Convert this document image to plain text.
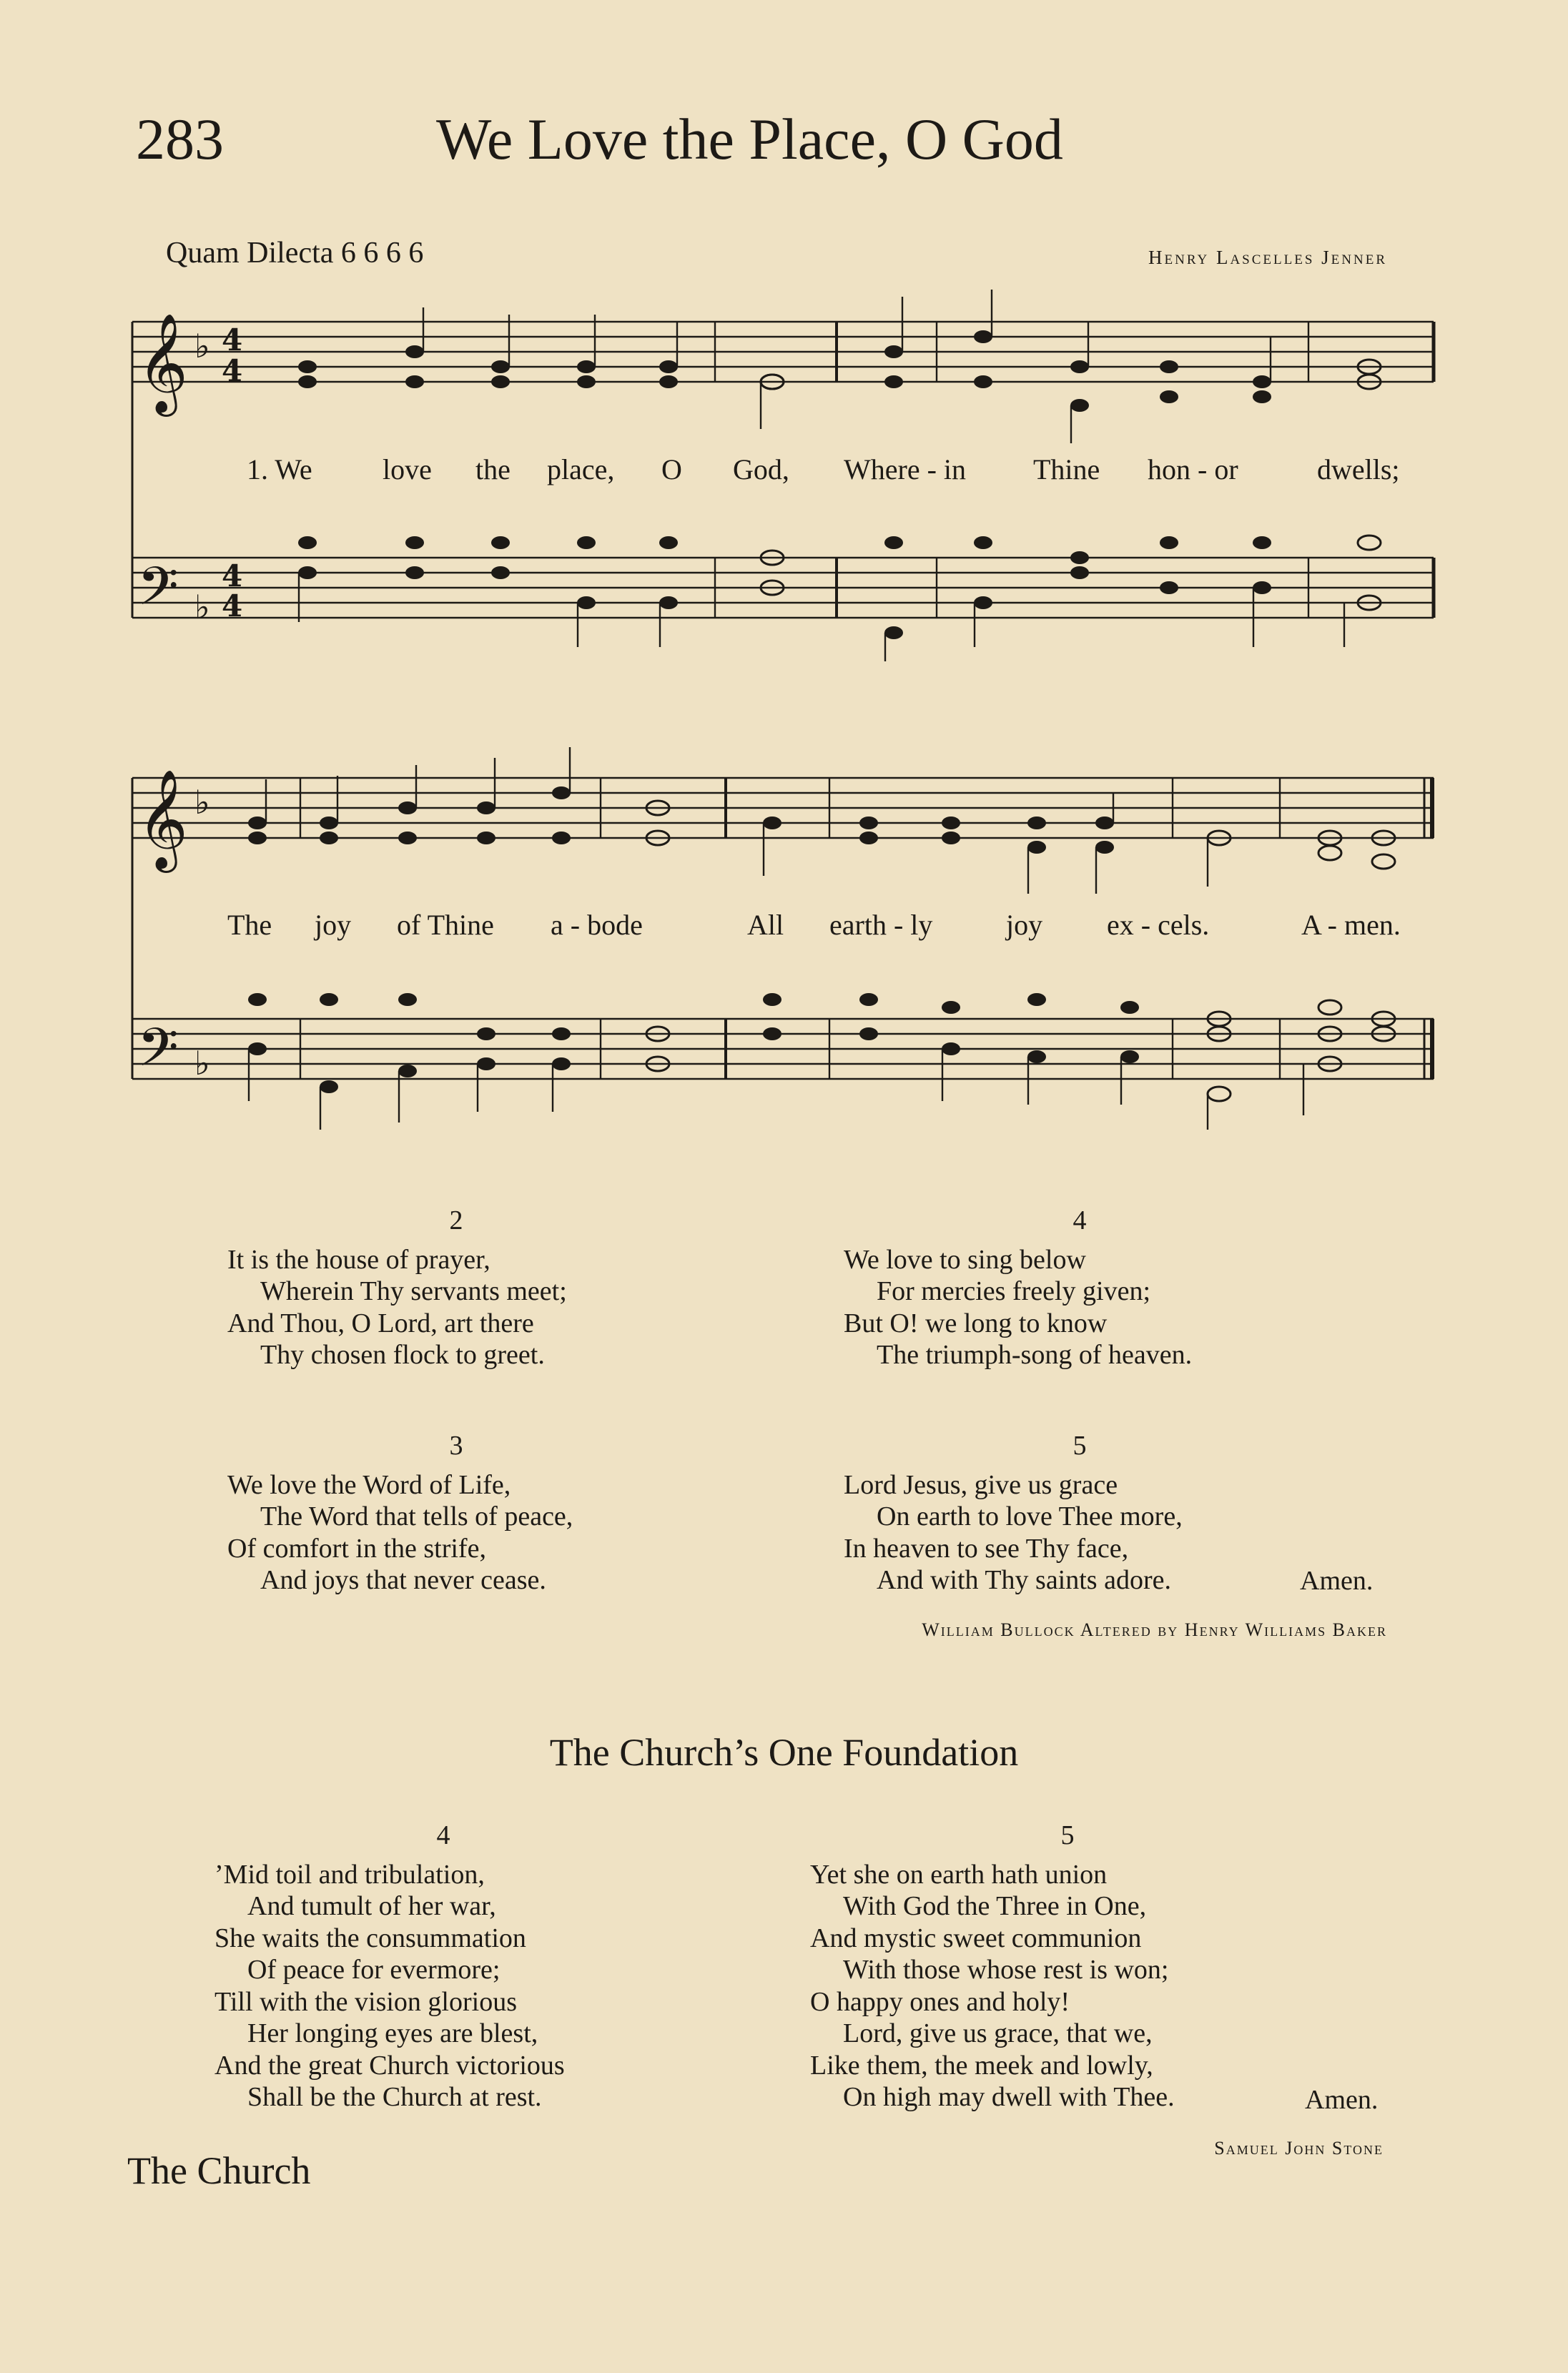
283	We Love the Place, O God
Quam Dilecta 6 6 6 6	Henry Lascelles Jenner
𝄞
𝄢
𝄞
𝄢
♭
♭
♭
♭
4
4
4
4
1. We love the place, O God, Where - in Thine hon - or	dwells;
The joy of Thine a - bode	All earth - ly	joy ex - cels.	A - men.
2
It is the house of prayer,
Wherein Thy servants meet;
And Thou, O Lord, art there
Thy chosen flock to greet.
3
We love the Word of Life,
The Word that tells of peace,
Of comfort in the strife,
And joys that never cease.
4
We love to sing below
For mercies freely given;
But O! we long to know
The triumph-song of heaven.
5
Lord Jesus, give us grace
On earth to love Thee more,
In heaven to see Thy face,
And with Thy saints adore.	Amen.
William Bullock Altered by Henry Williams Baker
The Church’s One Foundation
4
’Mid toil and tribulation,
And tumult of her war,
She waits the consummation
Of peace for evermore;
Till with the vision glorious
Her longing eyes are blest,
And the great Church victorious
Shall be the Church at rest.
5
Yet she on earth hath union
With God the Three in One,
And mystic sweet communion
With those whose rest is won;
O happy ones and holy!
Lord, give us grace, that we,
Like them, the meek and lowly,
On high may dwell with Thee.	Amen.
Samuel John Stone
The Church
